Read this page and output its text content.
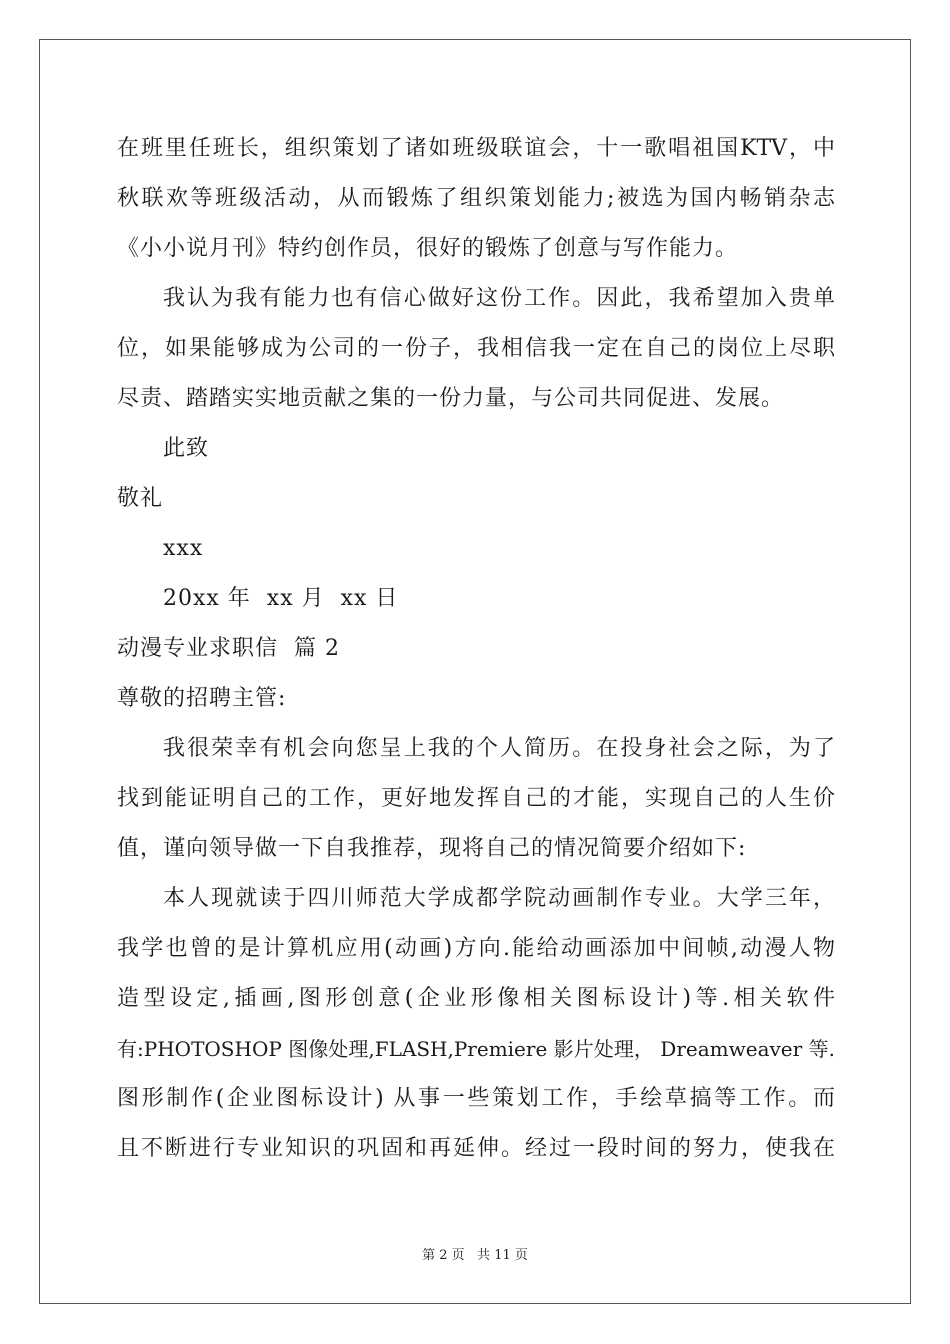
在班里任班长，组织策划了诸如班级联谊会，十一歌唱祖国KTV，中
秋联欢等班级活动，从而锻炼了组织策划能力;被选为国内畅销杂志
《小小说月刊》特约创作员，很好的锻炼了创意与写作能力。
我认为我有能力也有信心做好这份工作。因此，我希望加入贵单
位，如果能够成为公司的一份子，我相信我一定在自己的岗位上尽职
尽责、踏踏实实地贡献之集的一份力量，与公司共同促进、发展。
此致
敬礼
xxx
20xx 年  xx 月  xx 日
动漫专业求职信  篇 2
尊敬的招聘主管:
我很荣幸有机会向您呈上我的个人简历。在投身社会之际，为了
找到能证明自己的工作，更好地发挥自己的才能，实现自己的人生价
值，谨向领导做一下自我推荐，现将自己的情况简要介绍如下:
本人现就读于四川师范大学成都学院动画制作专业。大学三年，
我学也曾的是计算机应用(动画)方向.能给动画添加中间帧,动漫人物
造型设定,插画,图形创意(企业形像相关图标设计)等.相关软件
有:PHOTOSHOP 图像处理,FLASH,Premiere 影片处理， Dreamweaver 等.
图形制作(企业图标设计) 从事一些策划工作，手绘草搞等工作。而
且不断进行专业知识的巩固和再延伸。经过一段时间的努力，使我在
第 2 页   共 11 页
